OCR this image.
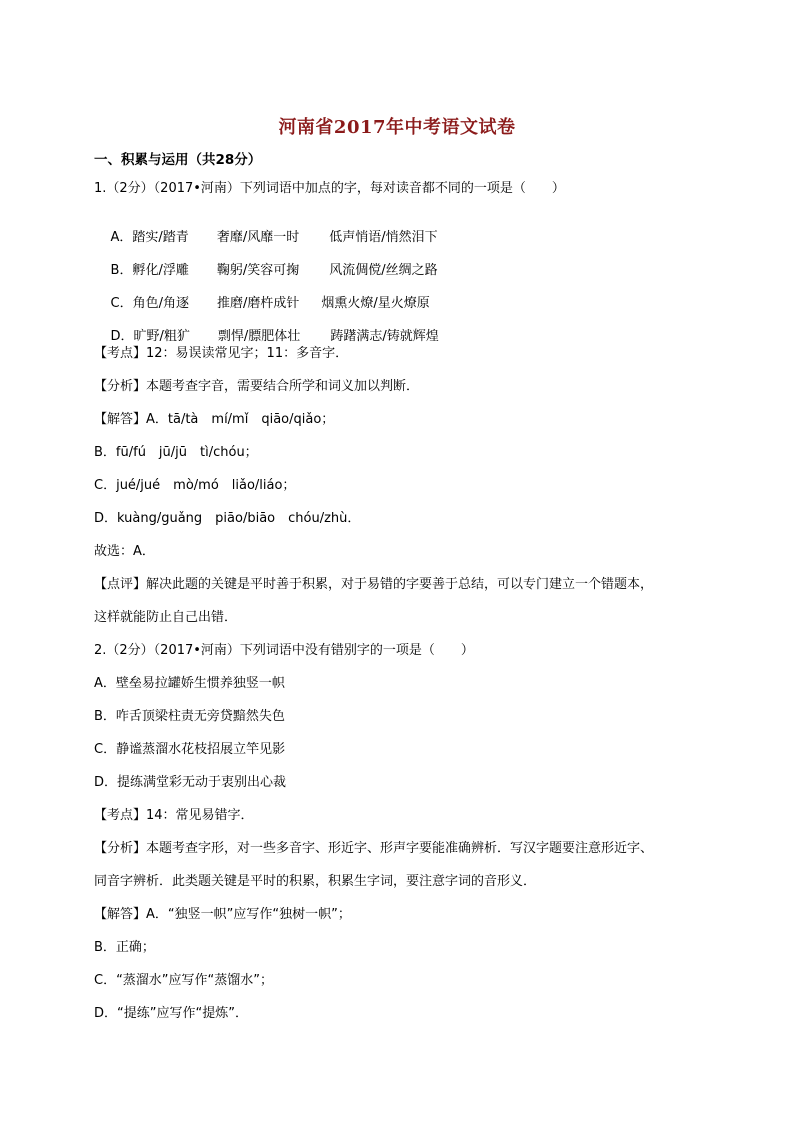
河南省2017年中考语文试卷
一、积累与运用（共28分）
1.（2分）（2017•河南）下列词语中加点的字，每对读音都不同的一项是（　　）

A．踏实/踏青 奢靡/风靡一时 低声悄语/悄然泪下

B．孵化/浮雕 鞠躬/笑容可掬 风流倜傥/丝绸之路

C．角色/角逐 推磨/磨杵成针 烟熏火燎/星火燎原

D．旷野/粗犷 剽悍/膘肥体壮 踌躇满志/铸就辉煌

【考点】12：易误读常见字；11：多音字．
【分析】本题考查字音，需要结合所学和词义加以判断．
【解答】A．tā/tà　mí/mǐ　qiāo/qiǎo；
B．fū/fú　jū/jū　tì/chóu；
C．jué/jué　mò/mó　liǎo/liáo；
D．kuàng/guǎng　piāo/biāo　chóu/zhù．
故选：A．
【点评】解决此题的关键是平时善于积累，对于易错的字要善于总结，可以专门建立一个错题本，
这样就能防止自己出错．
2.（2分）（2017•河南）下列词语中没有错别字的一项是（　　）
A．壁垒易拉罐娇生惯养独竖一帜
B．咋舌顶梁柱责无旁贷黯然失色
C．静谧蒸溜水花枝招展立竿见影
D．提练满堂彩无动于衷别出心裁
【考点】14：常见易错字．
【分析】本题考查字形，对一些多音字、形近字、形声字要能准确辨析．写汉字题要注意形近字、
同音字辨析．此类题关键是平时的积累，积累生字词，要注意字词的音形义．
【解答】A．“独竖一帜”应写作“独树一帜”；
B．正确；
C．“蒸溜水”应写作“蒸馏水”；
D．“提练”应写作“提炼”．
